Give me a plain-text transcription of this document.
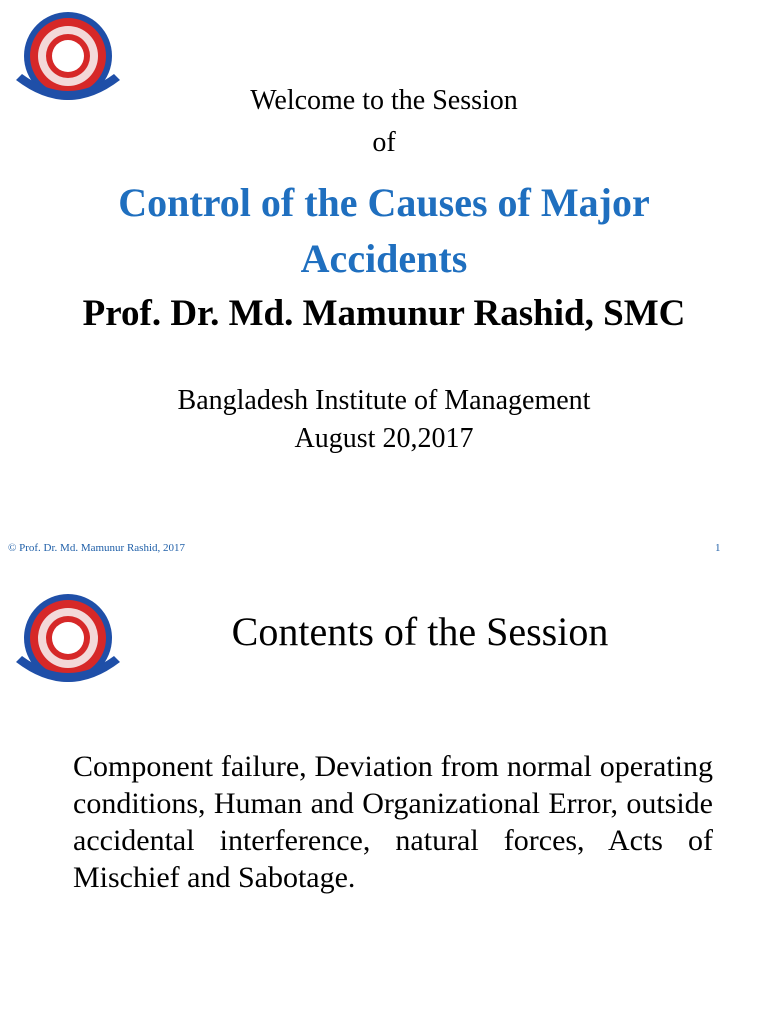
Welcome to the Session
of
Control of the Causes of Major
Accidents
Prof. Dr. Md. Mamunur Rashid, SMC
Bangladesh Institute of Management
August 20,2017
© Prof. Dr. Md. Mamunur Rashid, 2017	1
Contents of the Session
Component failure, Deviation from normal operating conditions, Human and Organizational Error, outside accidental interference, natural forces, Acts of Mischief and Sabotage.
